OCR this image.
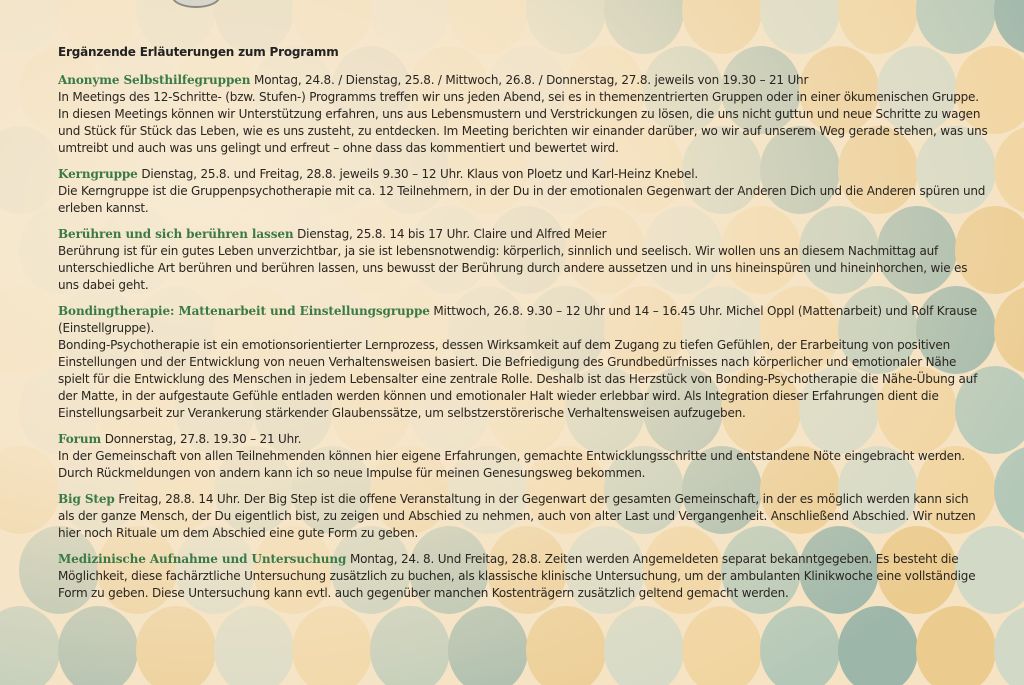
Ergänzende Erläuterungen zum Programm
Anonyme Selbsthilfegruppen Montag, 24.8. / Dienstag, 25.8. / Mittwoch, 26.8. / Donnerstag, 27.8. jeweils von 19.30 – 21 Uhr
In Meetings des 12-Schritte- (bzw. Stufen-) Programms treffen wir uns jeden Abend, sei es in themenzentrierten Gruppen oder in einer ökumenischen Gruppe. In diesen Meetings können wir Unterstützung erfahren, uns aus Lebensmustern und Verstrickungen zu lösen, die uns nicht guttun und neue Schritte zu wagen und Stück für Stück das Leben, wie es uns zusteht, zu entdecken. Im Meeting berichten wir einander darüber, wo wir auf unserem Weg gerade stehen, was uns umtreibt und auch was uns gelingt und erfreut – ohne dass das kommentiert und bewertet wird.
Kerngruppe Dienstag, 25.8. und Freitag, 28.8. jeweils 9.30 – 12 Uhr. Klaus von Ploetz und Karl-Heinz Knebel.
Die Kerngruppe ist die Gruppenpsychotherapie mit ca. 12 Teilnehmern, in der Du in der emotionalen Gegenwart der Anderen Dich und die Anderen spüren und erleben kannst.
Berühren und sich berühren lassen Dienstag, 25.8. 14 bis 17 Uhr. Claire und Alfred Meier
Berührung ist für ein gutes Leben unverzichtbar, ja sie ist lebensnotwendig: körperlich, sinnlich und seelisch. Wir wollen uns an diesem Nachmittag auf unterschiedliche Art berühren und berühren lassen, uns bewusst der Berührung durch andere aussetzen und in uns hineinspüren und hineinhorchen, wie es uns dabei geht.
Bondingtherapie: Mattenarbeit und Einstellungsgruppe Mittwoch, 26.8. 9.30 – 12 Uhr und 14 – 16.45 Uhr. Michel Oppl (Mattenarbeit) und Rolf Krause (Einstellgruppe).
Bonding-Psychotherapie ist ein emotionsorientierter Lernprozess, dessen Wirksamkeit auf dem Zugang zu tiefen Gefühlen, der Erarbeitung von positiven Einstellungen und der Entwicklung von neuen Verhaltensweisen basiert. Die Befriedigung des Grundbedürfnisses nach körperlicher und emotionaler Nähe spielt für die Entwicklung des Menschen in jedem Lebensalter eine zentrale Rolle. Deshalb ist das Herzstück von Bonding-Psychotherapie die Nähe-Übung auf der Matte, in der aufgestaute Gefühle entladen werden können und emotionaler Halt wieder erlebbar wird. Als Integration dieser Erfahrungen dient die Einstellungsarbeit zur Verankerung stärkender Glaubenssätze, um selbstzerstörerische Verhaltensweisen aufzugeben.
Forum Donnerstag, 27.8. 19.30 – 21 Uhr.
In der Gemeinschaft von allen Teilnehmenden können hier eigene Erfahrungen, gemachte Entwicklungsschritte und entstandene Nöte eingebracht werden. Durch Rückmeldungen von andern kann ich so neue Impulse für meinen Genesungsweg bekommen.
Big Step Freitag, 28.8. 14 Uhr. Der Big Step ist die offene Veranstaltung in der Gegenwart der gesamten Gemeinschaft, in der es möglich werden kann sich als der ganze Mensch, der Du eigentlich bist, zu zeigen und Abschied zu nehmen, auch von alter Last und Vergangenheit. Anschließend Abschied. Wir nutzen hier noch Rituale um dem Abschied eine gute Form zu geben.
Medizinische Aufnahme und Untersuchung Montag, 24. 8. Und Freitag, 28.8. Zeiten werden Angemeldeten separat bekanntgegeben. Es besteht die Möglichkeit, diese fachärztliche Untersuchung zusätzlich zu buchen, als klassische klinische Untersuchung, um der ambulanten Klinikwoche eine vollständige Form zu geben. Diese Untersuchung kann evtl. auch gegenüber manchen Kostenträgern zusätzlich geltend gemacht werden.
